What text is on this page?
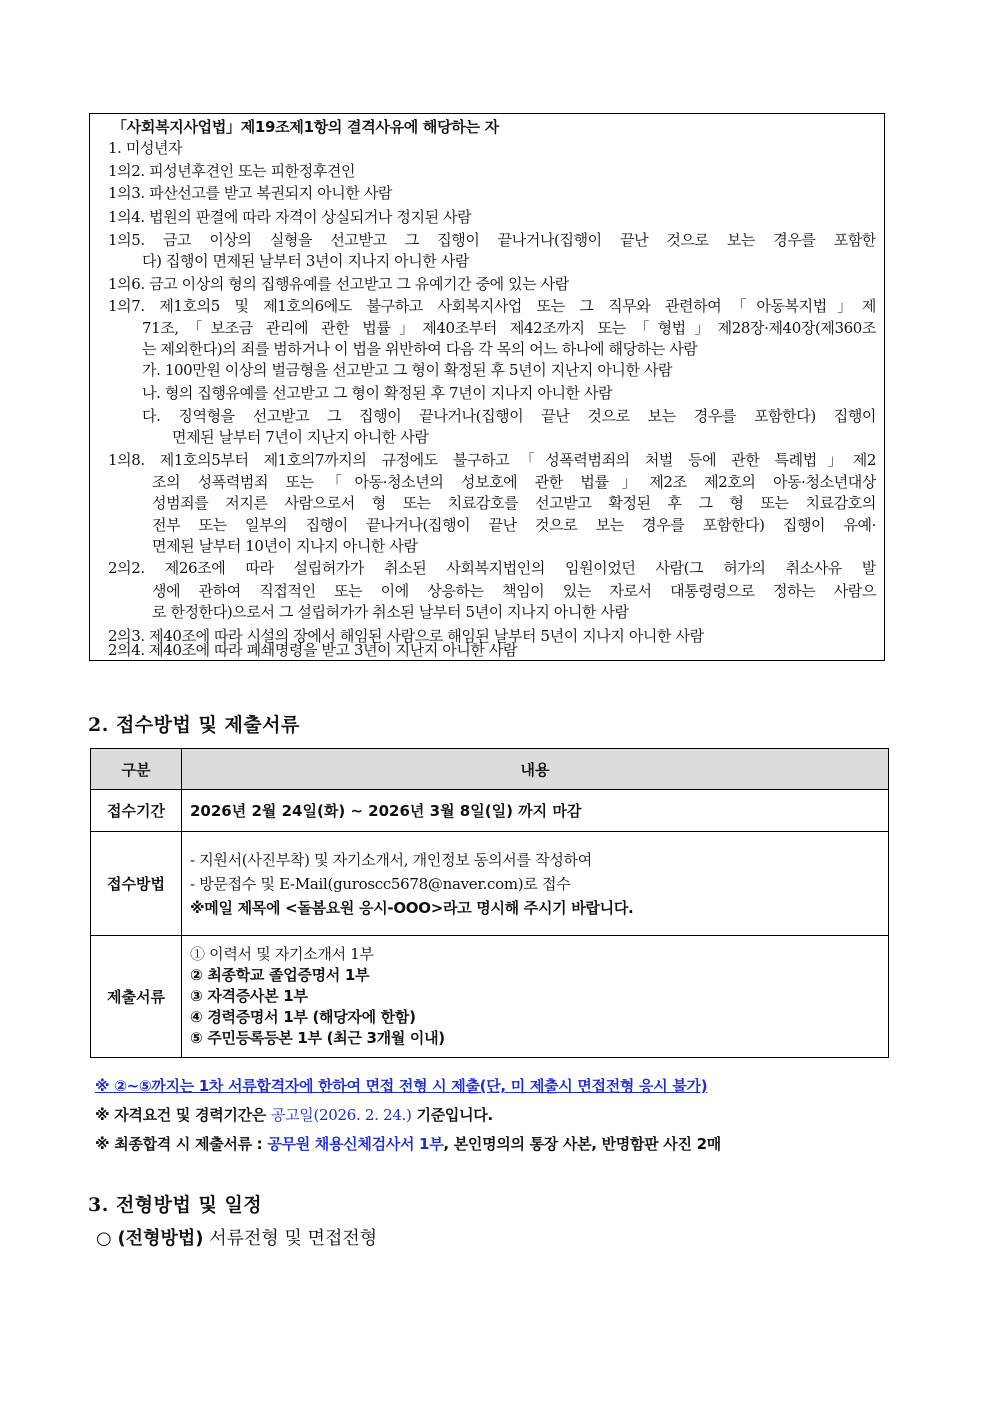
「사회복지사업법」제19조제1항의 결격사유에 해당하는 자
1. 미성년자
1의2. 피성년후견인 또는 피한정후견인
1의3. 파산선고를 받고 복권되지 아니한 사람
1의4. 법원의 판결에 따라 자격이 상실되거나 정지된 사람
1의5. 금고 이상의 실형을 선고받고 그 집행이 끝나거나(집행이 끝난 것으로 보는 경우를 포함한
다) 집행이 면제된 날부터 3년이 지나지 아니한 사람
1의6. 금고 이상의 형의 집행유예를 선고받고 그 유예기간 중에 있는 사람
1의7. 제1호의5 및 제1호의6에도 불구하고 사회복지사업 또는 그 직무와 관련하여「아동복지법」제
71조,「보조금 관리에 관한 법률」제40조부터 제42조까지 또는「형법」제28장·제40장(제360조
는 제외한다)의 죄를 범하거나 이 법을 위반하여 다음 각 목의 어느 하나에 해당하는 사람
가. 100만원 이상의 벌금형을 선고받고 그 형이 확정된 후 5년이 지난지 아니한 사람
나. 형의 집행유예를 선고받고 그 형이 확정된 후 7년이 지나지 아니한 사람
다. 징역형을 선고받고 그 집행이 끝나거나(집행이 끝난 것으로 보는 경우를 포함한다) 집행이
면제된 날부터 7년이 지난지 아니한 사람
1의8. 제1호의5부터 제1호의7까지의 규정에도 불구하고「성폭력범죄의 처벌 등에 관한 특례법」제2
조의 성폭력범죄 또는「아동·청소년의 성보호에 관한 법률」제2조 제2호의 아동·청소년대상
성범죄를 저지른 사람으로서 형 또는 치료감호를 선고받고 확정된 후 그 형 또는 치료감호의
전부 또는 일부의 집행이 끝나거나(집행이 끝난 것으로 보는 경우를 포함한다) 집행이 유예·
면제된 날부터 10년이 지나지 아니한 사람
2의2. 제26조에 따라 설립허가가 취소된 사회복지법인의 임원이었던 사람(그 허가의 취소사유 발
생에 관하여 직접적인 또는 이에 상응하는 책임이 있는 자로서 대통령령으로 정하는 사람으
로 한정한다)으로서 그 설립허가가 취소된 날부터 5년이 지나지 아니한 사람
2의3. 제40조에 따라 시설의 장에서 해임된 사람으로 해임된 날부터 5년이 지나지 아니한 사람
2의4. 제40조에 따라 폐쇄명령을 받고 3년이 지난지 아니한 사람
2. 접수방법 및 제출서류
구분	내용
접수기간	2026년 2월 24일(화) ~ 2026년 3월 8일(일) 까지 마감
접수방법	- 지원서(사진부착) 및 자기소개서, 개인정보 동의서를 작성하여
- 방문접수 및 E-Mail(guroscc5678@naver.com)로 접수
※메일 제목에 <돌봄요원 응시-OOO>라고 명시해 주시기 바랍니다.

제출서류	① 이력서 및 자기소개서 1부
② 최종학교 졸업증명서 1부
③ 자격증사본 1부
④ 경력증명서 1부 (해당자에 한함)
⑤ 주민등록등본 1부 (최근 3개월 이내)
※ ②~⑤까지는 1차 서류합격자에 한하여 면접 전형 시 제출(단, 미 제출시 면접전형 응시 불가)
※ 자격요건 및 경력기간은 공고일(2026. 2. 24.) 기준입니다.
※ 최종합격 시 제출서류 : 공무원 채용신체검사서 1부, 본인명의의 통장 사본, 반명함판 사진 2매
3. 전형방법 및 일정
○ (전형방법) 서류전형 및 면접전형
